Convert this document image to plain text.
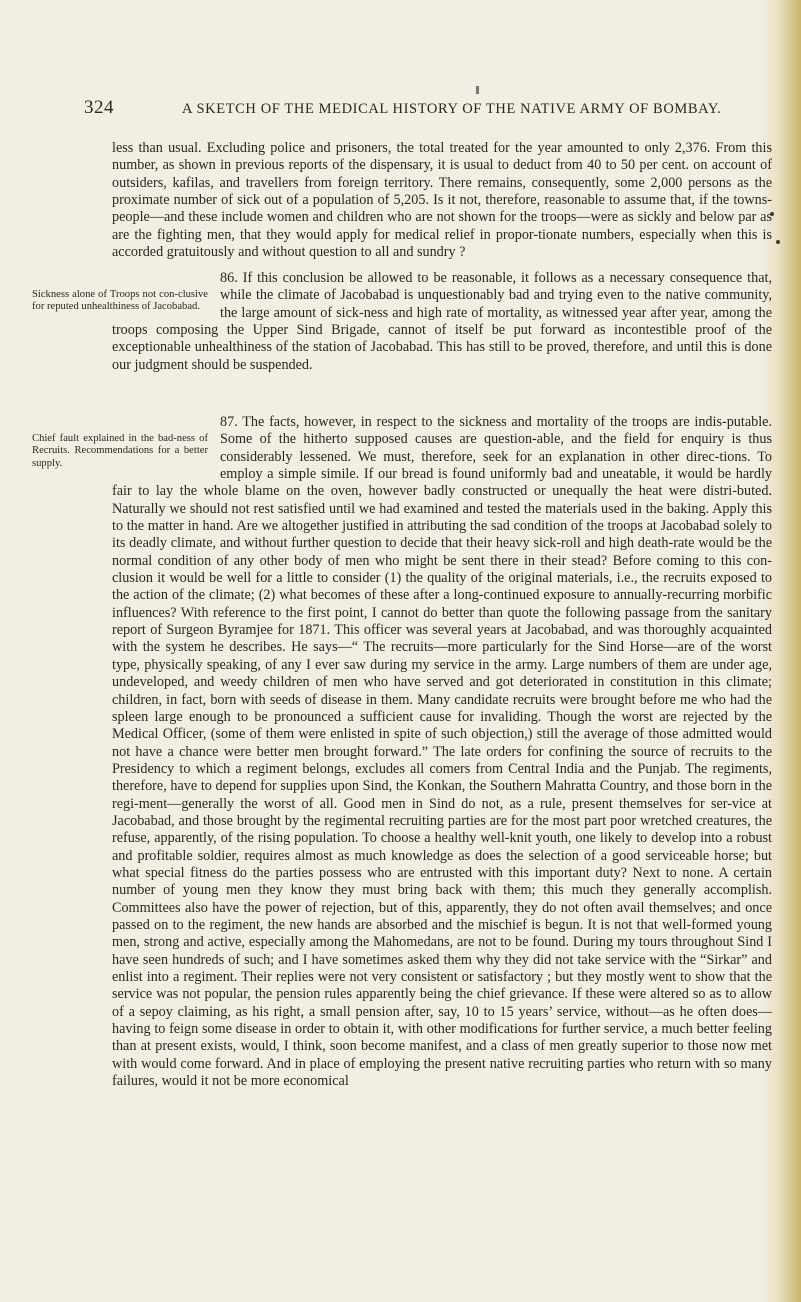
324	A SKETCH OF THE MEDICAL HISTORY OF THE NATIVE ARMY OF BOMBAY.

less than usual. Excluding police and prisoners, the total treated for the year amounted to only 2,376. From this number, as shown in previous reports of the dispensary, it is usual to deduct from 40 to 50 per cent. on account of outsiders, kafilas, and travellers from foreign territory. There remains, consequently, some 2,000 persons as the proximate number of sick out of a population of 5,205. Is it not, therefore, reasonable to assume that, if the towns-people—and these include women and children who are not shown for the troops—were as sickly and below par as are the fighting men, that they would apply for medical relief in propor-tionate numbers, especially when this is accorded gratuitously and without question to all and sundry ?

Sickness alone of Troops not con-clusive for reputed unhealthiness of Jacobabad.
86. If this conclusion be allowed to be reasonable, it follows as a necessary consequence that, while the climate of Jacobabad is unquestionably bad and trying even to the native community, the large amount of sick-ness and high rate of mortality, as witnessed year after year, among the troops composing the Upper Sind Brigade, cannot of itself be put forward as incontestible proof of the exceptionable unhealthiness of the station of Jacobabad. This has still to be proved, therefore, and until this is done our judgment should be suspended.

Chief fault explained in the bad-ness of Recruits. Recommendations for a better supply.
87. The facts, however, in respect to the sickness and mortality of the troops are indis-putable. Some of the hitherto supposed causes are question-able, and the field for enquiry is thus considerably lessened. We must, therefore, seek for an explanation in other direc-tions. To employ a simple simile. If our bread is found uniformly bad and uneatable, it would be hardly fair to lay the whole blame on the oven, however badly constructed or unequally the heat were distri-buted. Naturally we should not rest satisfied until we had examined and tested the materials used in the baking. Apply this to the matter in hand. Are we altogether justified in attributing the sad condition of the troops at Jacobabad solely to its deadly climate, and without further question to decide that their heavy sick-roll and high death-rate would be the normal condition of any other body of men who might be sent there in their stead? Before coming to this con-clusion it would be well for a little to consider (1) the quality of the original materials, i.e., the recruits exposed to the action of the climate; (2) what becomes of these after a long-continued exposure to annually-recurring morbific influences? With reference to the first point, I cannot do better than quote the following passage from the sanitary report of Surgeon Byramjee for 1871. This officer was several years at Jacobabad, and was thoroughly acquainted with the system he describes. He says—“ The recruits—more particularly for the Sind Horse—are of the worst type, physically speaking, of any I ever saw during my service in the army. Large numbers of them are under age, undeveloped, and weedy children of men who have served and got deteriorated in constitution in this climate; children, in fact, born with seeds of disease in them. Many candidate recruits were brought before me who had the spleen large enough to be pronounced a sufficient cause for invaliding. Though the worst are rejected by the Medical Officer, (some of them were enlisted in spite of such objection,) still the average of those admitted would not have a chance were better men brought forward.” The late orders for confining the source of recruits to the Presidency to which a regiment belongs, excludes all comers from Central India and the Punjab. The regiments, therefore, have to depend for supplies upon Sind, the Konkan, the Southern Mahratta Country, and those born in the regi-ment—generally the worst of all. Good men in Sind do not, as a rule, present themselves for ser-vice at Jacobabad, and those brought by the regimental recruiting parties are for the most part poor wretched creatures, the refuse, apparently, of the rising population. To choose a healthy well-knit youth, one likely to develop into a robust and profitable soldier, requires almost as much knowledge as does the selection of a good serviceable horse; but what special fitness do the parties possess who are entrusted with this important duty? Next to none. A certain number of young men they know they must bring back with them; this much they generally accomplish. Committees also have the power of rejection, but of this, apparently, they do not often avail themselves; and once passed on to the regiment, the new hands are absorbed and the mischief is begun. It is not that well-formed young men, strong and active, especially among the Mahomedans, are not to be found. During my tours throughout Sind I have seen hundreds of such; and I have sometimes asked them why they did not take service with the “Sirkar” and enlist into a regiment. Their replies were not very consistent or satisfactory ; but they mostly went to show that the service was not popular, the pension rules apparently being the chief grievance. If these were altered so as to allow of a sepoy claiming, as his right, a small pension after, say, 10 to 15 years’ service, without—as he often does—having to feign some disease in order to obtain it, with other modifications for further service, a much better feeling than at present exists, would, I think, soon become manifest, and a class of men greatly superior to those now met with would come forward. And in place of employing the present native recruiting parties who return with so many failures, would it not be more economical
